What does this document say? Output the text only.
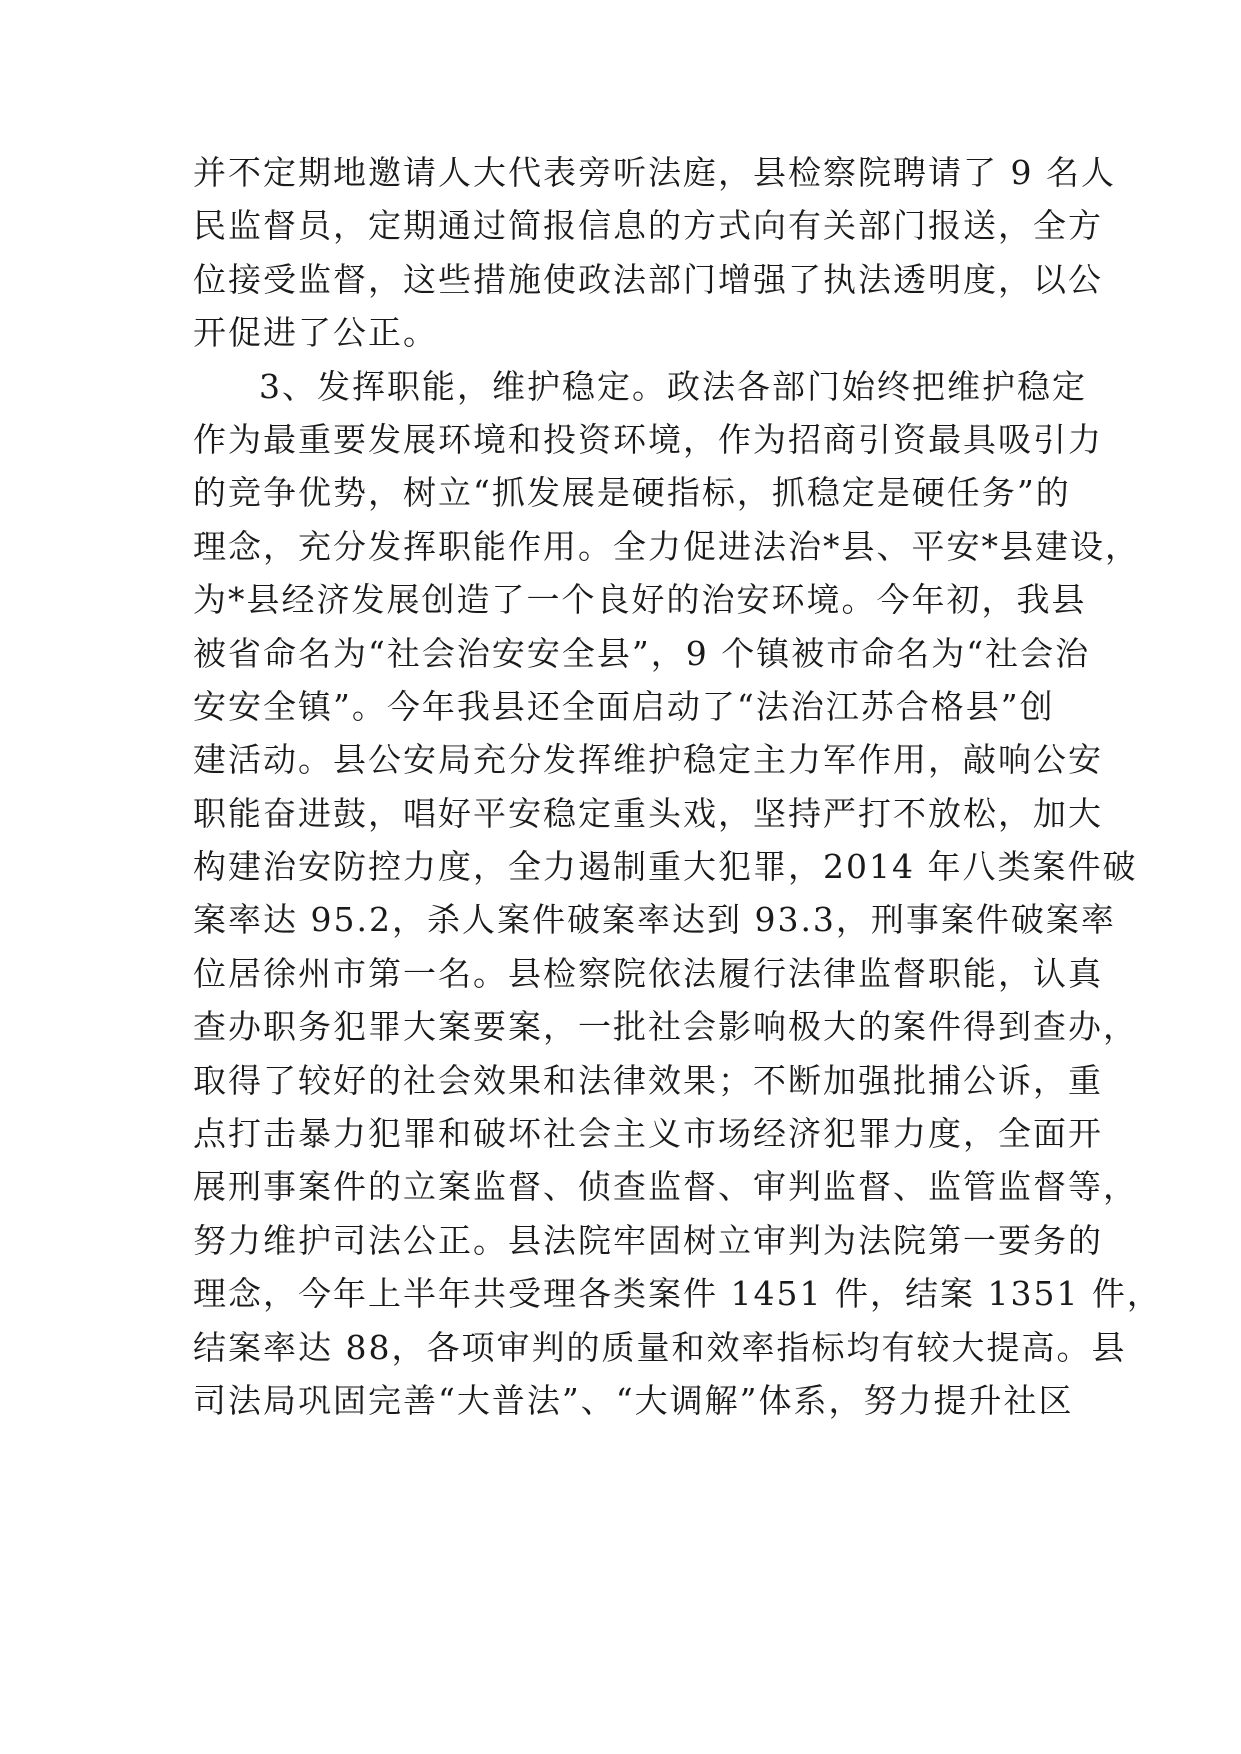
并不定期地邀请人大代表旁听法庭，县检察院聘请了 9 名人
民监督员，定期通过简报信息的方式向有关部门报送，全方
位接受监督，这些措施使政法部门增强了执法透明度，以公
开促进了公正。
3、发挥职能，维护稳定。政法各部门始终把维护稳定
作为最重要发展环境和投资环境，作为招商引资最具吸引力
的竞争优势，树立“抓发展是硬指标，抓稳定是硬任务”的
理念，充分发挥职能作用。全力促进法治*县、平安*县建设，
为*县经济发展创造了一个良好的治安环境。今年初，我县
被省命名为“社会治安安全县”，9 个镇被市命名为“社会治
安安全镇”。今年我县还全面启动了“法治江苏合格县”创
建活动。县公安局充分发挥维护稳定主力军作用，敲响公安
职能奋进鼓，唱好平安稳定重头戏，坚持严打不放松，加大
构建治安防控力度，全力遏制重大犯罪，2014 年八类案件破
案率达 95.2，杀人案件破案率达到 93.3，刑事案件破案率
位居徐州市第一名。县检察院依法履行法律监督职能，认真
查办职务犯罪大案要案，一批社会影响极大的案件得到查办，
取得了较好的社会效果和法律效果；不断加强批捕公诉，重
点打击暴力犯罪和破坏社会主义市场经济犯罪力度，全面开
展刑事案件的立案监督、侦查监督、审判监督、监管监督等，
努力维护司法公正。县法院牢固树立审判为法院第一要务的
理念，今年上半年共受理各类案件 1451 件，结案 1351 件，
结案率达 88，各项审判的质量和效率指标均有较大提高。县
司法局巩固完善“大普法”、“大调解”体系，努力提升社区
